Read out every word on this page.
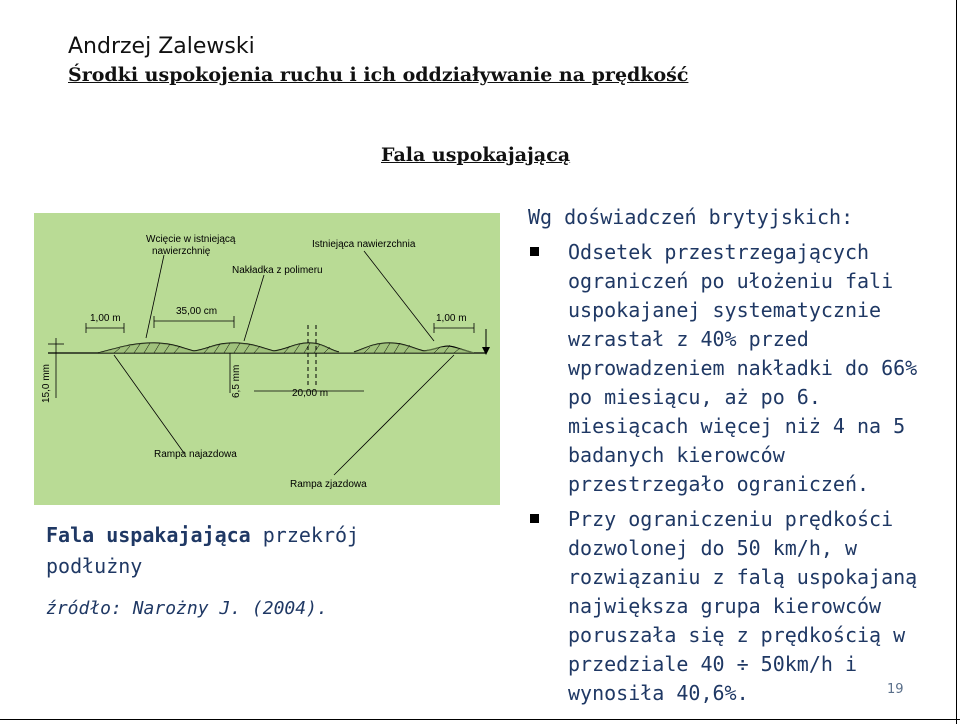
Andrzej Zalewski
Środki uspokojenia ruchu i ich oddziaływanie na prędkość
Fala uspokajającą
Wcięcie w istniejącą
nawierzchnię
Istniejąca nawierzchnia
Nakładka z polimeru
1,00 m
35,00 cm
1,00 m
20,00 m
Rampa najazdowa
Rampa zjazdowa
15,0 mm	6,5 mm
Fala uspakajająca przekrój podłużny
źródło: Narożny J. (2004).
Wg doświadczeń brytyjskich:
Odsetek przestrzegających ograniczeń po ułożeniu fali uspokajanej systematycznie wzrastał z 40% przed wprowadzeniem nakładki do 66% po miesiącu, aż po 6. miesiącach więcej niż 4 na 5 badanych kierowców przestrzegało ograniczeń.
Przy ograniczeniu prędkości dozwolonej do 50 km/h, w rozwiązaniu z falą uspokajaną największa grupa kierowców poruszała się z prędkością w przedziale 40 ÷ 50km/h i wynosiła 40,6%.	19
